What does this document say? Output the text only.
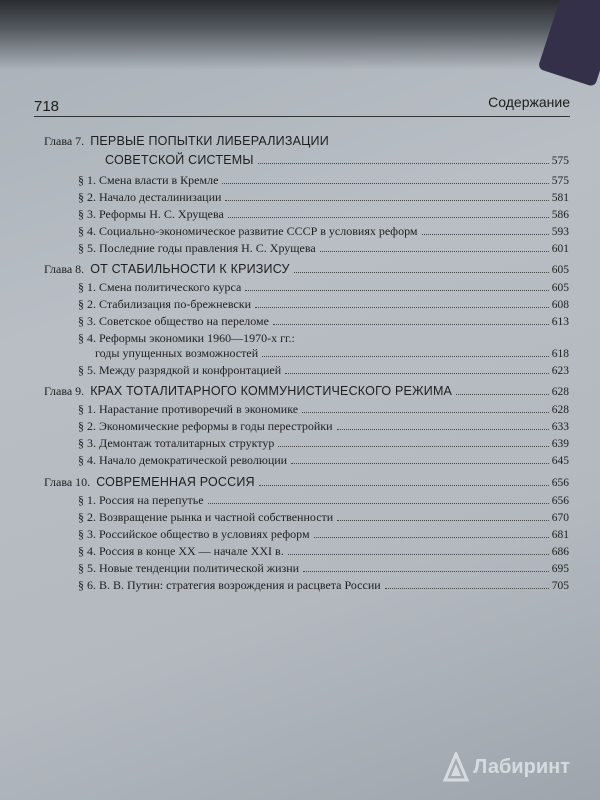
718	Содержание
Глава 7. ПЕРВЫЕ ПОПЫТКИ ЛИБЕРАЛИЗАЦИИ
СОВЕТСКОЙ СИСТЕМЫ	575
§ 1. Смена власти в Кремле	575
§ 2. Начало десталинизации	581
§ 3. Реформы Н. С. Хрущева	586
§ 4. Социально-экономическое развитие СССР в условиях реформ	593
§ 5. Последние годы правления Н. С. Хрущева	601
Глава 8. ОТ СТАБИЛЬНОСТИ К КРИЗИСУ	605
§ 1. Смена политического курса	605
§ 2. Стабилизация по-брежневски	608
§ 3. Советское общество на переломе	613
§ 4. Реформы экономики 1960—1970-х гг.:
годы упущенных возможностей	618
§ 5. Между разрядкой и конфронтацией	623
Глава 9. КРАХ ТОТАЛИТАРНОГО КОММУНИСТИЧЕСКОГО РЕЖИМА	628
§ 1. Нарастание противоречий в экономике	628
§ 2. Экономические реформы в годы перестройки	633
§ 3. Демонтаж тоталитарных структур	639
§ 4. Начало демократической революции	645
Глава 10. СОВРЕМЕННАЯ РОССИЯ	656
§ 1. Россия на перепутье	656
§ 2. Возвращение рынка и частной собственности	670
§ 3. Российское общество в условиях реформ	681
§ 4. Россия в конце XX — начале XXI в.	686
§ 5. Новые тенденции политической жизни	695
§ 6. В. В. Путин: стратегия возрождения и расцвета России	705
Лабиринт
